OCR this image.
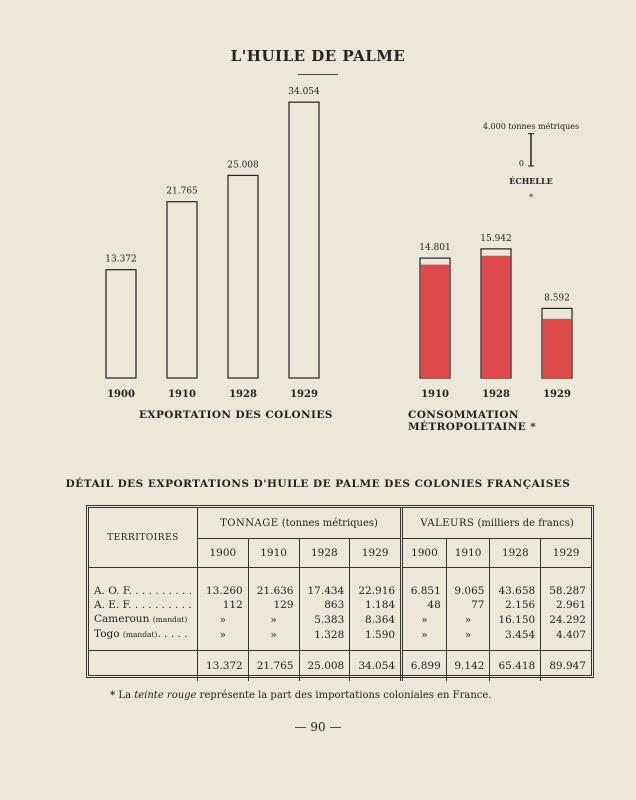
L'HUILE DE PALME
13.372
1900
21.765
1910
25.008
1928
34.054
1929
14.801
1910
15.942
1928
8.592
1929
4.000 tonnes métriques
0
ÉCHELLE
*
EXPORTATION DES COLONIES	CONSOMMATION MÉTROPOLITAINE *
DÉTAIL DES EXPORTATIONS D'HUILE DE PALME DES COLONIES FRANÇAISES
TERRITOIRES	TONNAGE (tonnes métriques)				VALEURS (milliers de francs)			
	1900	1910	1928	1929	1900	1910	1928	1929

A. O. F. . . . . . . . . .	13.260	21.636	17.434	22.916	6.851	9.065	43.658	58.287
A. E. F. . . . . . . . . .	112	129	863	1.184	48	77	2.156	2.961
Cameroun (mandat)	»	»	5.383	8.364	»	»	16.150	24.292
Togo (mandat). . . . .	»	»	1.328	1.590	»	»	3.454	4.407

	13.372	21.765	25.008	34.054	6.899	9.142	65.418	89.947
* La teinte rouge représente la part des importations coloniales en France.
— 90 —
